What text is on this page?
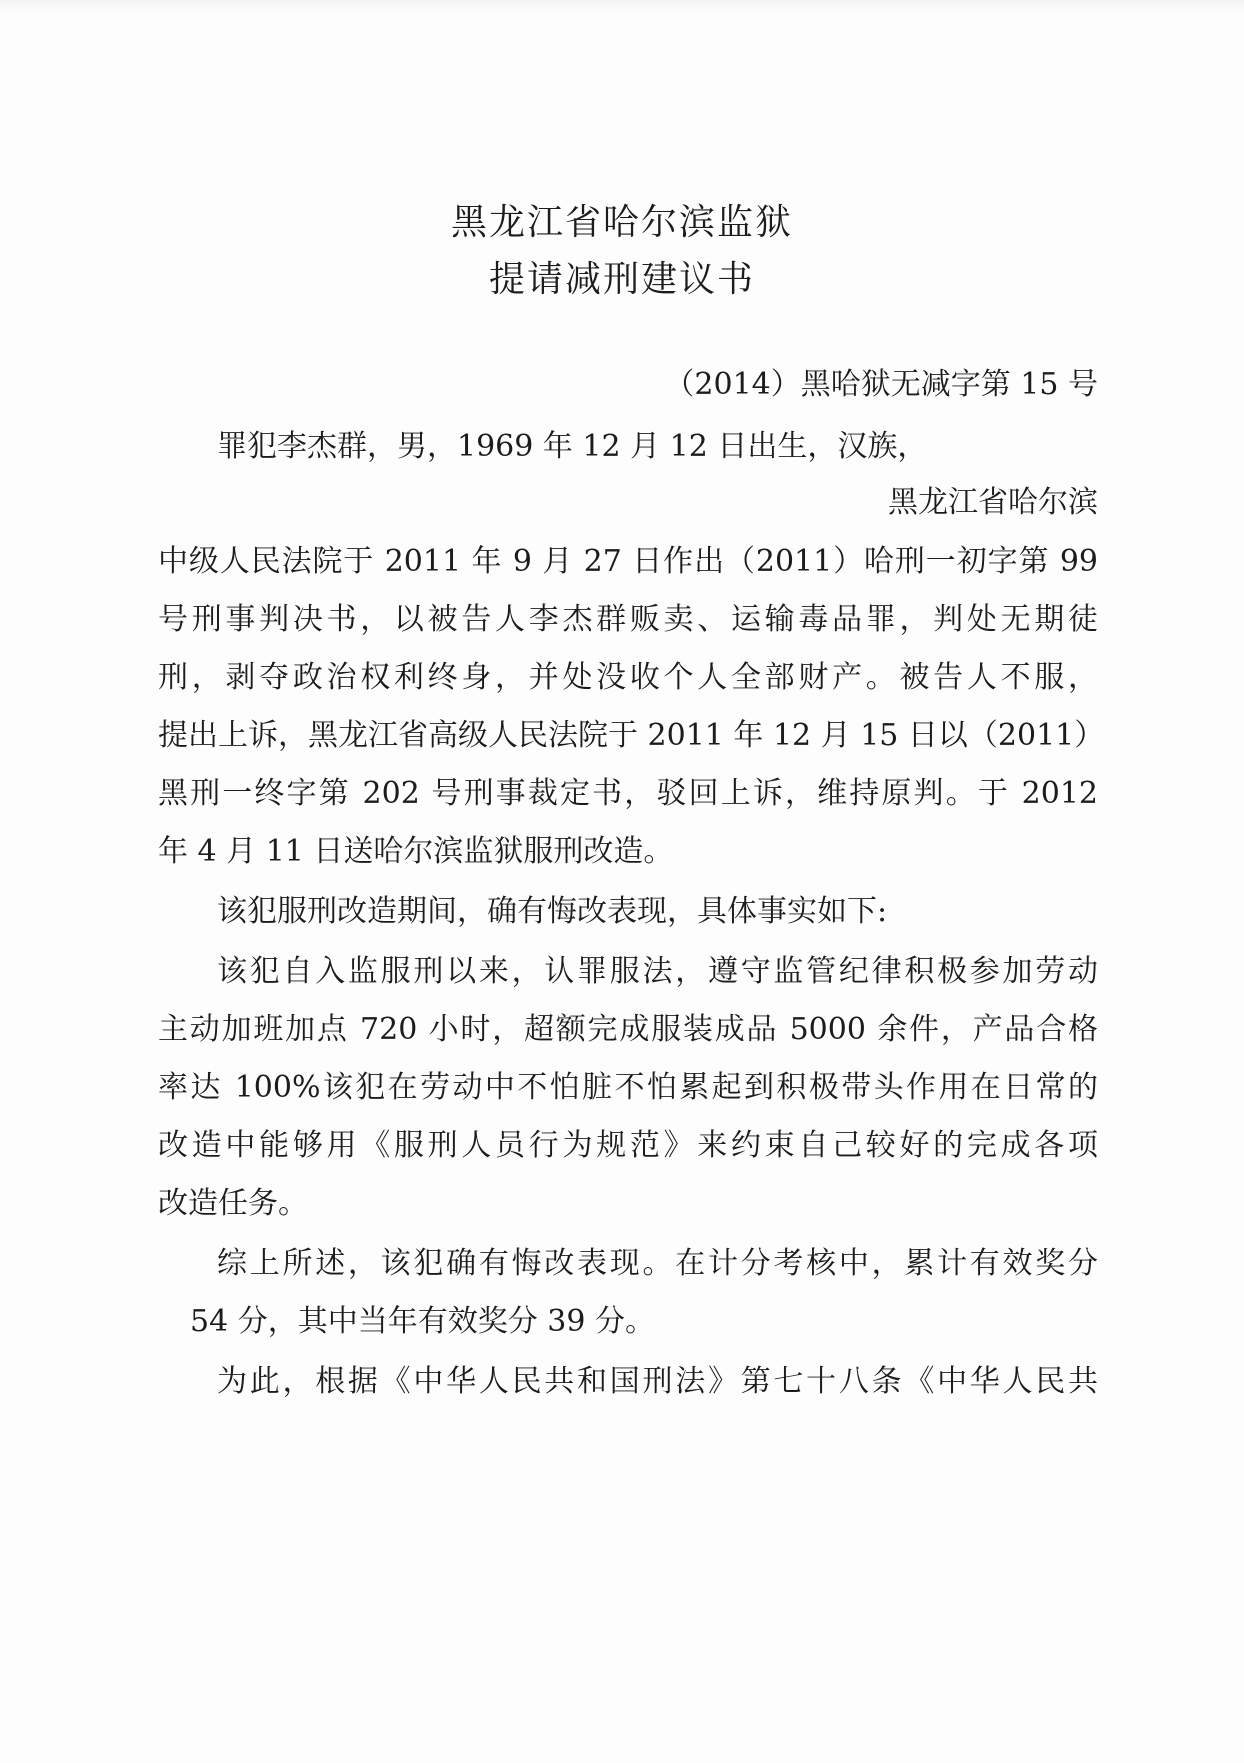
黑龙江省哈尔滨监狱
提请减刑建议书
（2014）黑哈狱无减字第 15 号
罪犯李杰群，男，1969 年 12 月 12 日出生，汉族，
黑龙江省哈尔滨
中级人民法院于 2011 年 9 月 27 日作出（2011）哈刑一初字第 99
号刑事判决书，以被告人李杰群贩卖、运输毒品罪，判处无期徒
刑，剥夺政治权利终身，并处没收个人全部财产。被告人不服，
提出上诉，黑龙江省高级人民法院于 2011 年 12 月 15 日以（2011）
黑刑一终字第 202 号刑事裁定书，驳回上诉，维持原判。于 2012
年 4 月 11 日送哈尔滨监狱服刑改造。
该犯服刑改造期间，确有悔改表现，具体事实如下:
该犯自入监服刑以来，认罪服法，遵守监管纪律积极参加劳动
主动加班加点 720 小时，超额完成服装成品 5000 余件，产品合格
率达 100%该犯在劳动中不怕脏不怕累起到积极带头作用在日常的
改造中能够用《服刑人员行为规范》来约束自己较好的完成各项
改造任务。
综上所述，该犯确有悔改表现。在计分考核中，累计有效奖分
54 分，其中当年有效奖分 39 分。
为此，根据《中华人民共和国刑法》第七十八条《中华人民共
